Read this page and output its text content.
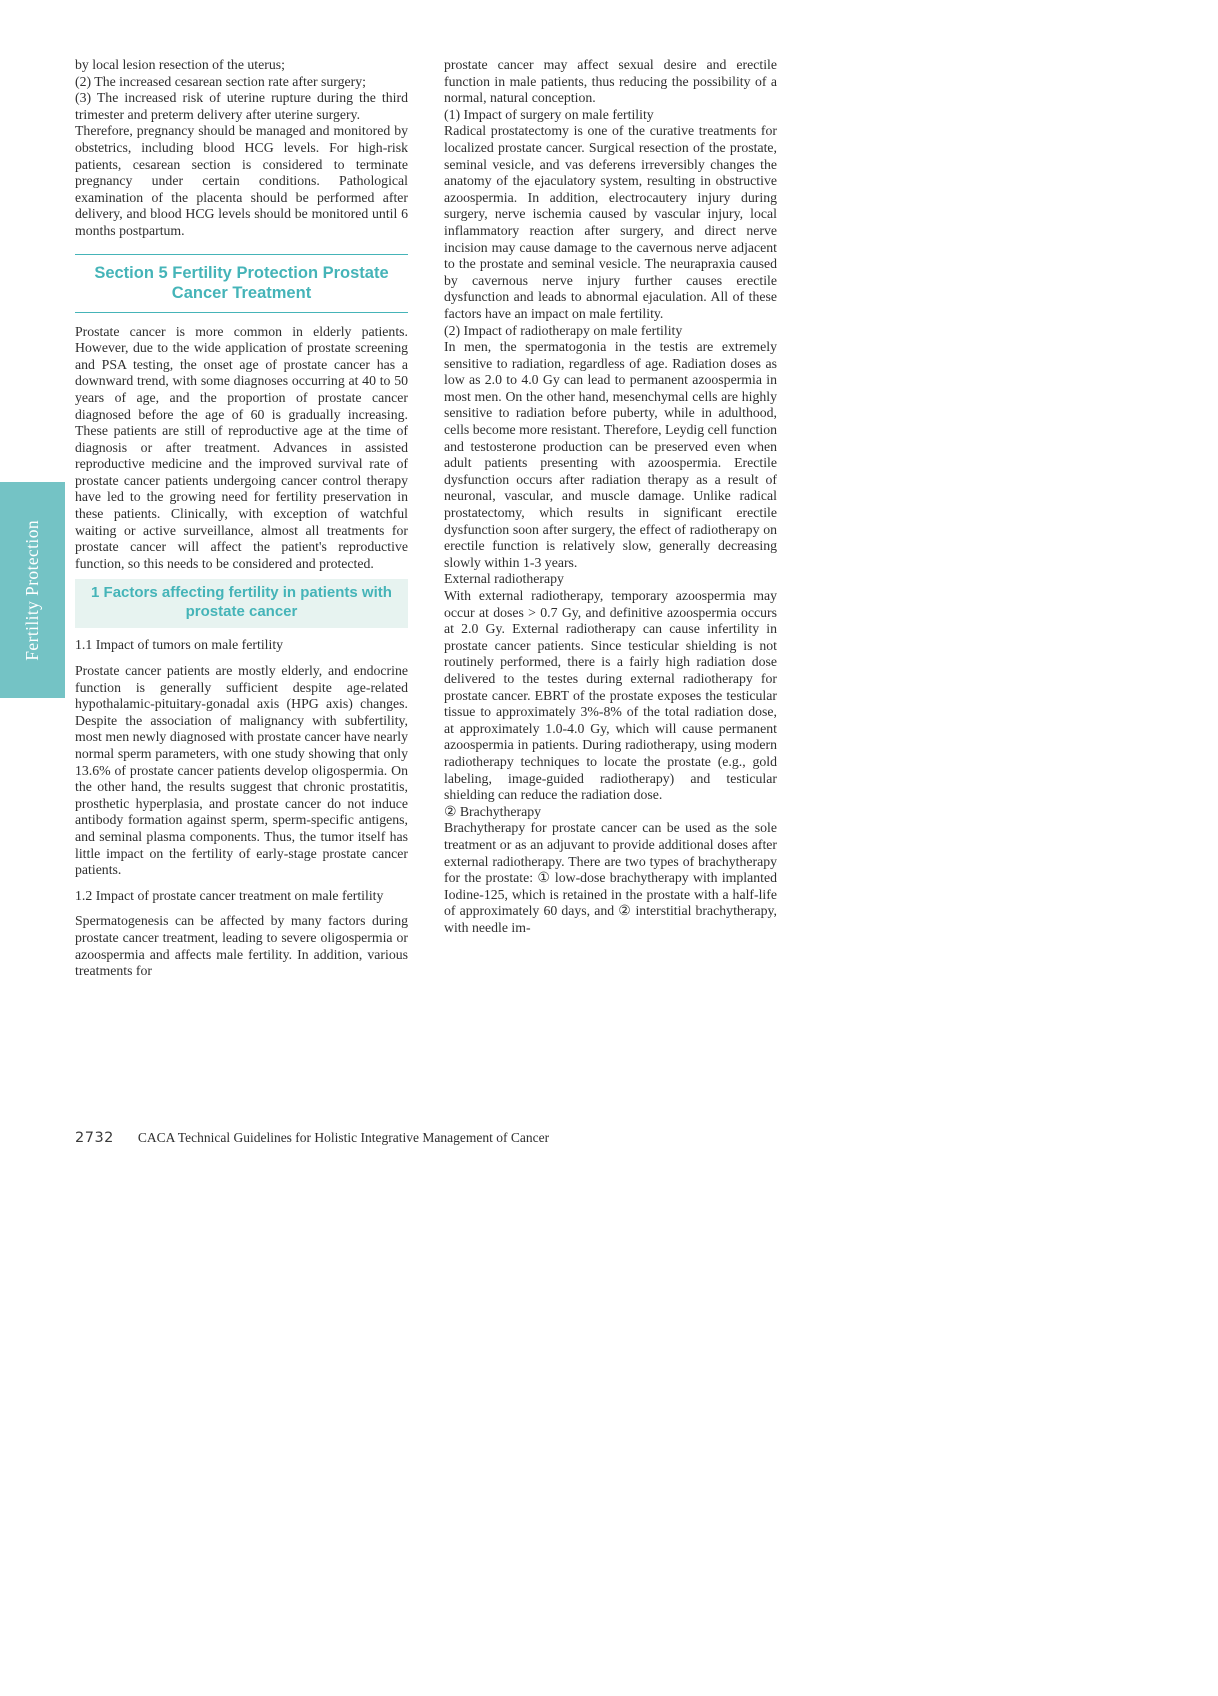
by local lesion resection of the uterus;

(2) The increased cesarean section rate after surgery;

(3) The increased risk of uterine rupture during the third trimester and preterm delivery after uterine surgery.

Therefore, pregnancy should be managed and monitored by obstetrics, including blood HCG levels. For high-risk patients, cesarean section is considered to terminate pregnancy under certain conditions. Pathological examination of the placenta should be performed after delivery, and blood HCG levels should be monitored until 6 months postpartum.

Section 5 Fertility Protection Prostate Cancer Treatment

Prostate cancer is more common in elderly patients. However, due to the wide application of prostate screening and PSA testing, the onset age of prostate cancer has a downward trend, with some diagnoses occurring at 40 to 50 years of age, and the proportion of prostate cancer diagnosed before the age of 60 is gradually increasing. These patients are still of reproductive age at the time of diagnosis or after treatment. Advances in assisted reproductive medicine and the improved survival rate of prostate cancer patients undergoing cancer control therapy have led to the growing need for fertility preservation in these patients. Clinically, with exception of watchful waiting or active surveillance, almost all treatments for prostate cancer will affect the patient's reproductive function, so this needs to be considered and protected.

1 Factors affecting fertility in patients with prostate cancer
1.1 Impact of tumors on male fertility

Prostate cancer patients are mostly elderly, and endocrine function is generally sufficient despite age-related hypothalamic-pituitary-gonadal axis (HPG axis) changes. Despite the association of malignancy with subfertility, most men newly diagnosed with prostate cancer have nearly normal sperm parameters, with one study showing that only 13.6% of prostate cancer patients develop oligospermia. On the other hand, the results suggest that chronic prostatitis, prosthetic hyperplasia, and prostate cancer do not induce antibody formation against sperm, sperm-specific antigens, and seminal plasma components. Thus, the tumor itself has little impact on the fertility of early-stage prostate cancer patients.

1.2 Impact of prostate cancer treatment on male fertility

Spermatogenesis can be affected by many factors during prostate cancer treatment, leading to severe oligospermia or azoospermia and affects male fertility. In addition, various treatments for

prostate cancer may affect sexual desire and erectile function in male patients, thus reducing the possibility of a normal, natural conception.

(1) Impact of surgery on male fertility

Radical prostatectomy is one of the curative treatments for localized prostate cancer. Surgical resection of the prostate, seminal vesicle, and vas deferens irreversibly changes the anatomy of the ejaculatory system, resulting in obstructive azoospermia. In addition, electrocautery injury during surgery, nerve ischemia caused by vascular injury, local inflammatory reaction after surgery, and direct nerve incision may cause damage to the cavernous nerve adjacent to the prostate and seminal vesicle. The neurapraxia caused by cavernous nerve injury further causes erectile dysfunction and leads to abnormal ejaculation. All of these factors have an impact on male fertility.

(2) Impact of radiotherapy on male fertility

In men, the spermatogonia in the testis are extremely sensitive to radiation, regardless of age. Radiation doses as low as 2.0 to 4.0 Gy can lead to permanent azoospermia in most men. On the other hand, mesenchymal cells are highly sensitive to radiation before puberty, while in adulthood, cells become more resistant. Therefore, Leydig cell function and testosterone production can be preserved even when adult patients presenting with azoospermia. Erectile dysfunction occurs after radiation therapy as a result of neuronal, vascular, and muscle damage. Unlike radical prostatectomy, which results in significant erectile dysfunction soon after surgery, the effect of radiotherapy on erectile function is relatively slow, generally decreasing slowly within 1-3 years.

External radiotherapy

With external radiotherapy, temporary azoospermia may occur at doses > 0.7 Gy, and definitive azoospermia occurs at 2.0 Gy. External radiotherapy can cause infertility in prostate cancer patients. Since testicular shielding is not routinely performed, there is a fairly high radiation dose delivered to the testes during external radiotherapy for prostate cancer. EBRT of the prostate exposes the testicular tissue to approximately 3%-8% of the total radiation dose, at approximately 1.0-4.0 Gy, which will cause permanent azoospermia in patients. During radiotherapy, using modern radiotherapy techniques to locate the prostate (e.g., gold labeling, image-guided radiotherapy) and testicular shielding can reduce the radiation dose.

② Brachytherapy

Brachytherapy for prostate cancer can be used as the sole treatment or as an adjuvant to provide additional doses after external radiotherapy. There are two types of brachytherapy for the prostate: ① low-dose brachytherapy with implanted Iodine-125, which is retained in the prostate with a half-life of approximately 60 days, and ② interstitial brachytherapy, with needle im-

Fertility Protection
2732 CACA Technical Guidelines for Holistic Integrative Management of Cancer
